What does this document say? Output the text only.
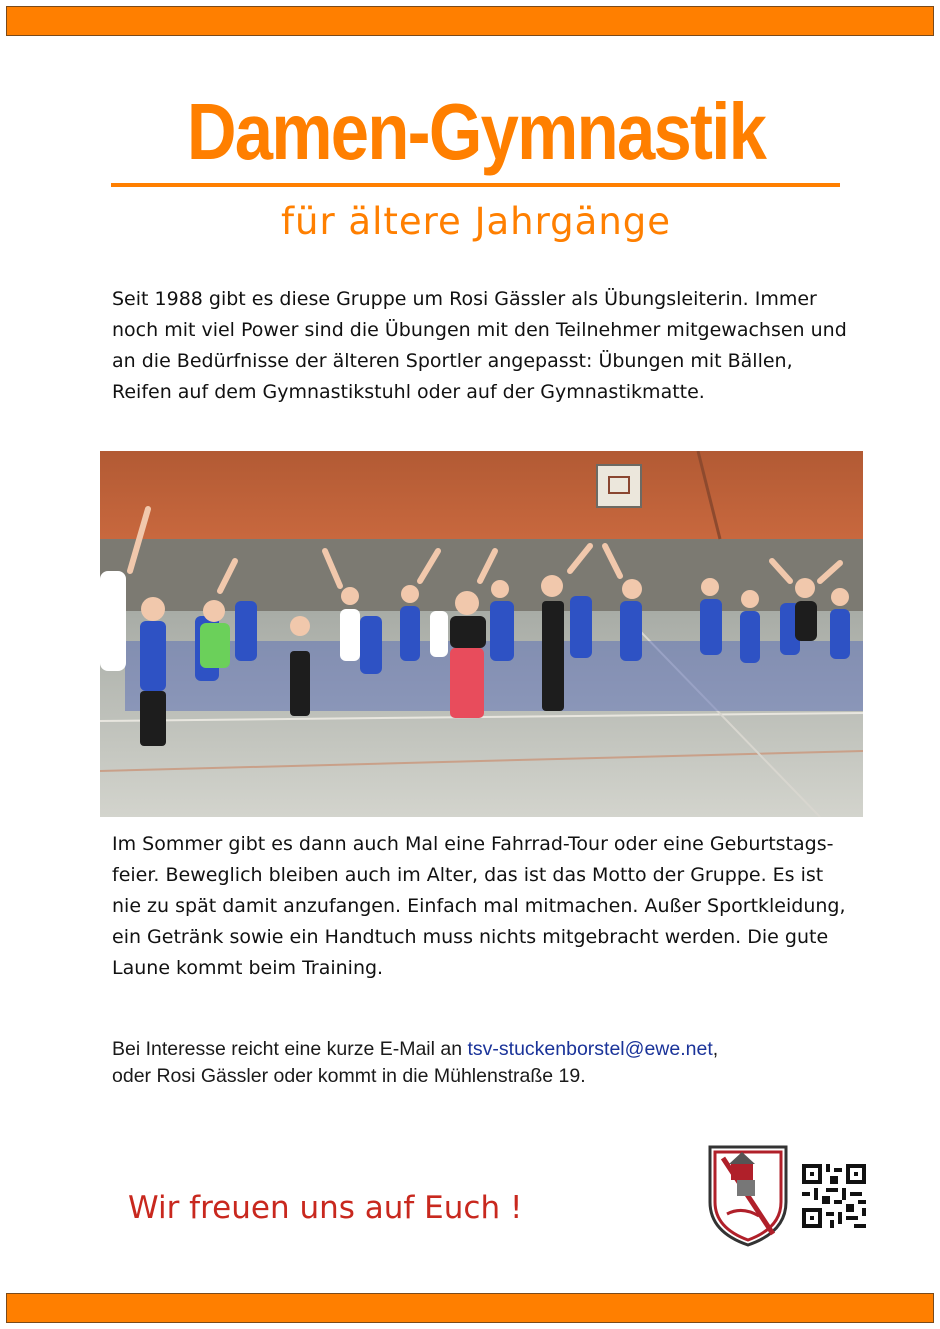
Damen-Gymnastik
für ältere Jahrgänge
Seit 1988 gibt es diese Gruppe um Rosi Gässler als Übungsleiterin. Immer noch mit viel Power sind die Übungen mit den Teilnehmer mitgewachsen und an die Bedürfnisse der älteren Sportler angepasst: Übungen mit Bällen, Reifen auf dem Gymnastikstuhl oder auf der Gymnastikmatte.
Im Sommer gibt es dann auch Mal eine Fahrrad-Tour oder eine Geburtstags-feier. Beweglich bleiben auch im Alter, das ist das Motto der Gruppe. Es ist nie zu spät damit anzufangen. Einfach mal mitmachen. Außer Sportkleidung, ein Getränk sowie ein Handtuch muss nichts mitgebracht werden. Die gute Laune kommt beim Training.
Bei Interesse reicht eine kurze E-Mail an tsv-stuckenborstel@ewe.net,
oder Rosi Gässler oder kommt in die Mühlenstraße 19.
Wir freuen uns auf Euch !
